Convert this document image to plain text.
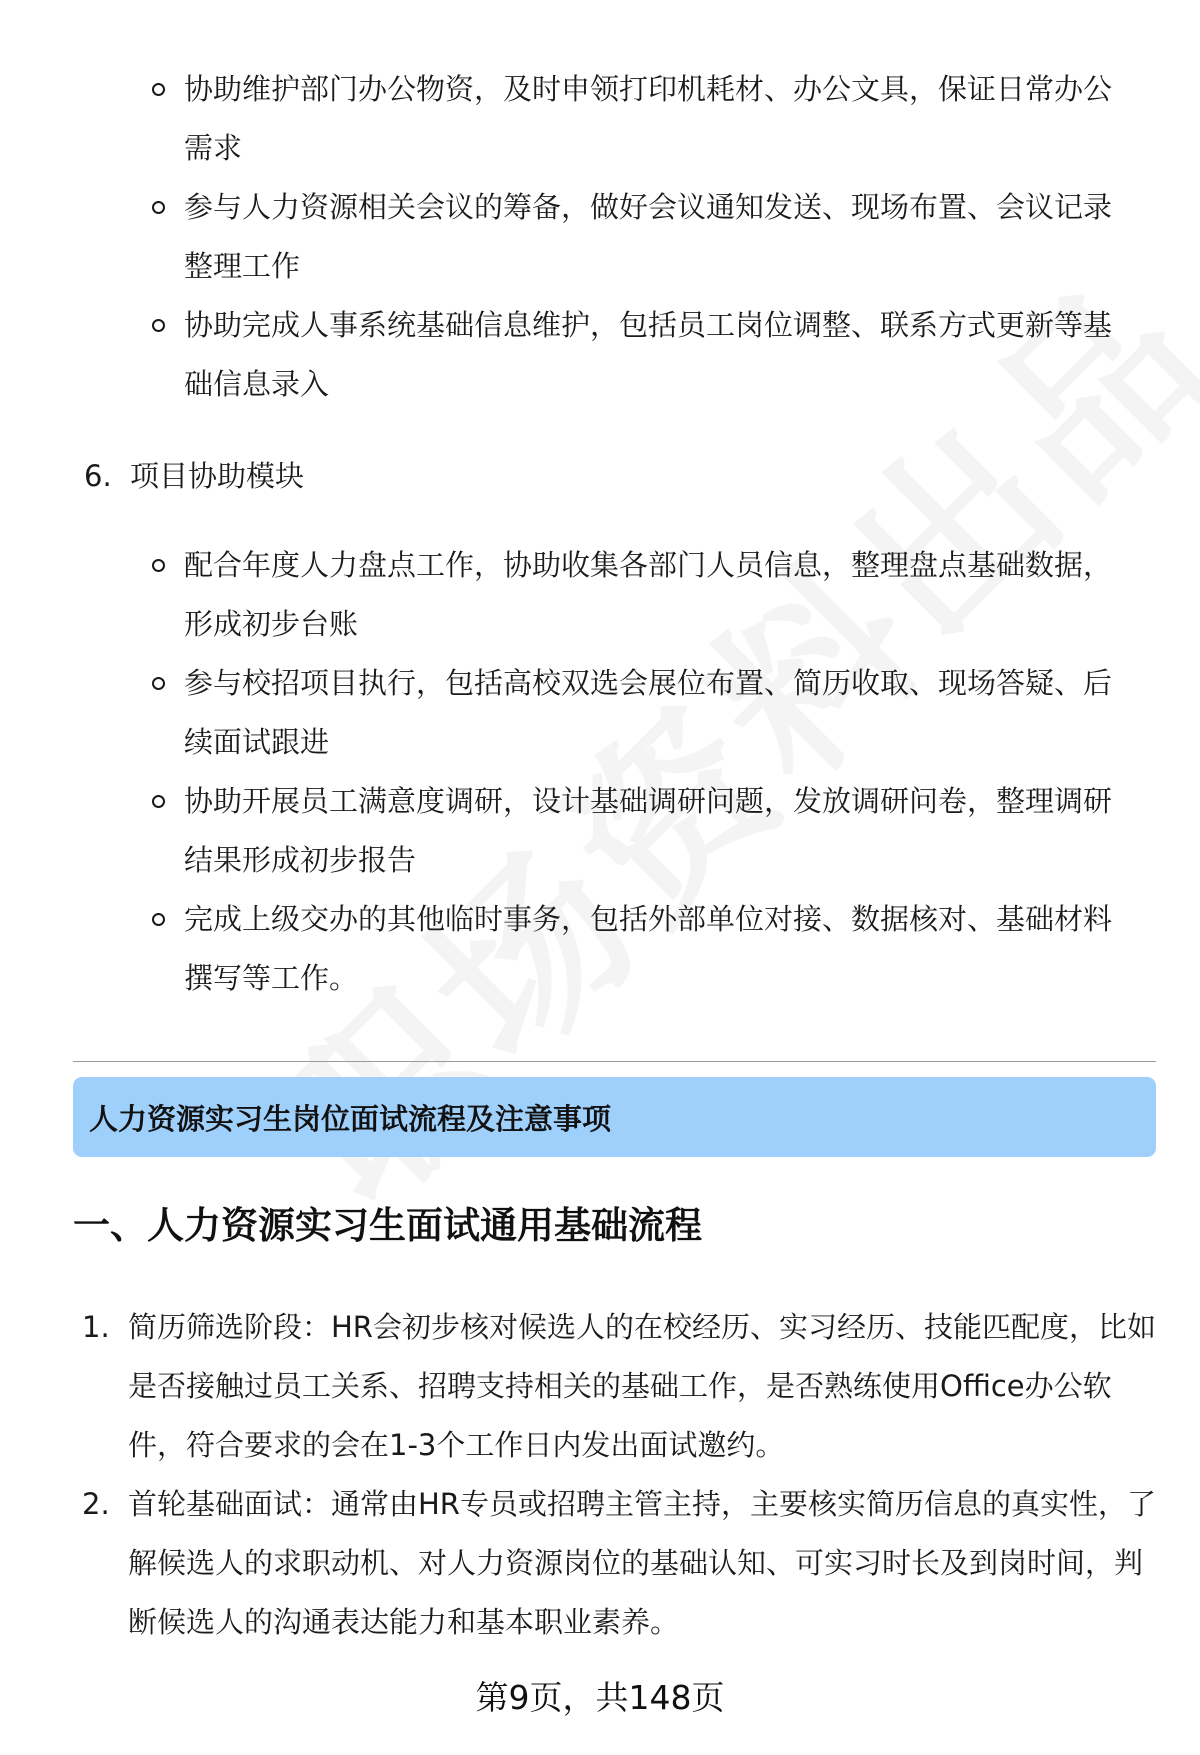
协助维护部门办公物资，及时申领打印机耗材、办公文具，保证日常办公需求
参与人力资源相关会议的筹备，做好会议通知发送、现场布置、会议记录整理工作
协助完成人事系统基础信息维护，包括员工岗位调整、联系方式更新等基础信息录入
6. 项目协助模块
配合年度人力盘点工作，协助收集各部门人员信息，整理盘点基础数据，形成初步台账
参与校招项目执行，包括高校双选会展位布置、简历收取、现场答疑、后续面试跟进
协助开展员工满意度调研，设计基础调研问题，发放调研问卷，整理调研结果形成初步报告
完成上级交办的其他临时事务，包括外部单位对接、数据核对、基础材料撰写等工作。
人力资源实习生岗位面试流程及注意事项
一、人力资源实习生面试通用基础流程
1. 简历筛选阶段：HR会初步核对候选人的在校经历、实习经历、技能匹配度，比如是否接触过员工关系、招聘支持相关的基础工作，是否熟练使用Office办公软件，符合要求的会在1-3个工作日内发出面试邀约。
2. 首轮基础面试：通常由HR专员或招聘主管主持，主要核实简历信息的真实性，了解候选人的求职动机、对人力资源岗位的基础认知、可实习时长及到岗时间，判断候选人的沟通表达能力和基本职业素养。
第9页，共148页
